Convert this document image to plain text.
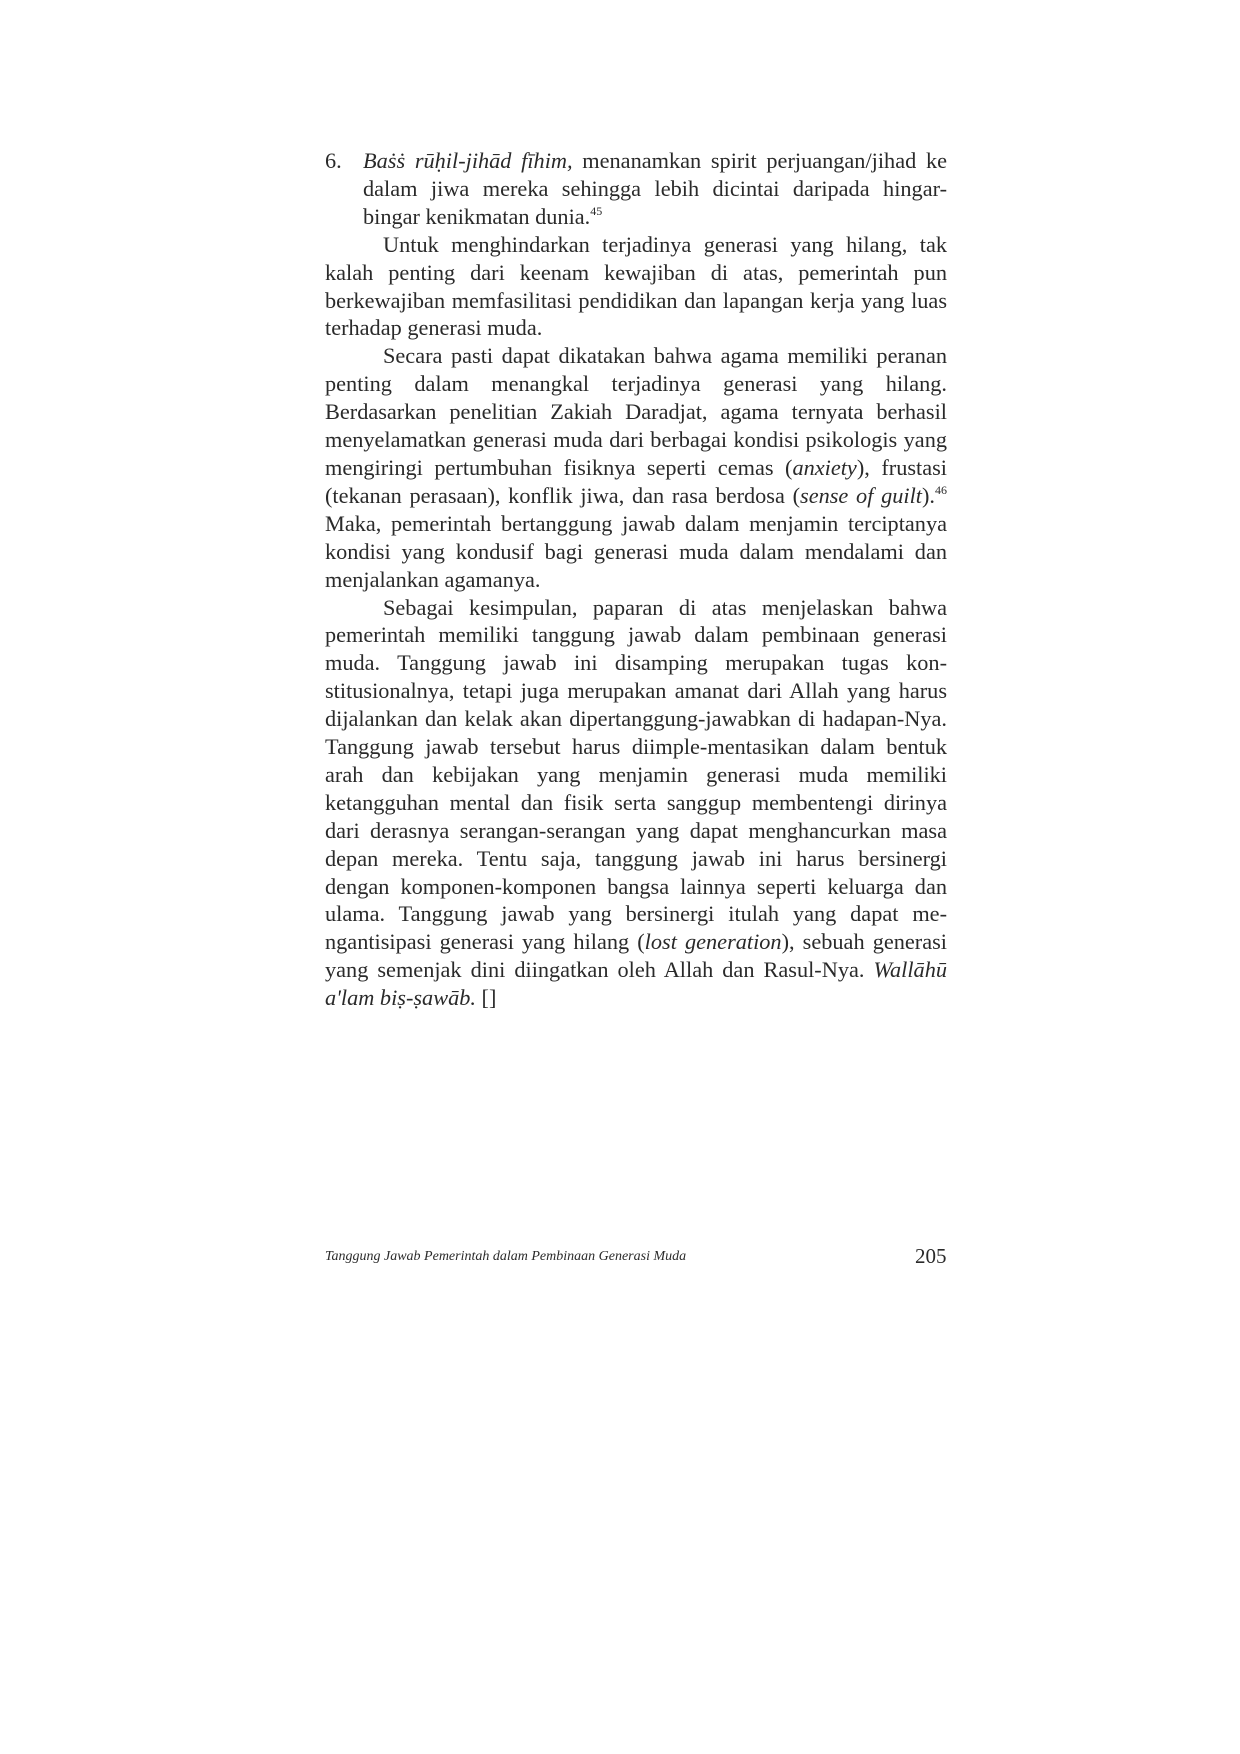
6. Baṡṡ rūḥil-jihād fīhim, menanamkan spirit perjuangan/jihad ke dalam jiwa mereka sehingga lebih dicintai daripada hingar-bingar kenikmatan dunia.$^{45}$

Untuk menghindarkan terjadinya generasi yang hilang, tak kalah penting dari keenam kewajiban di atas, pemerintah pun berkewajiban memfasilitasi pendidikan dan lapangan kerja yang luas terhadap generasi muda.

Secara pasti dapat dikatakan bahwa agama memiliki peranan penting dalam menangkal terjadinya generasi yang hilang. Berdasarkan penelitian Zakiah Daradjat, agama ternyata berhasil menyelamatkan generasi muda dari berbagai kondisi psikologis yang mengiringi pertumbuhan fisiknya seperti cemas (anxiety), frustasi (tekanan perasaan), konflik jiwa, dan rasa berdosa (sense of guilt).$^{46}$ Maka, pemerintah bertanggung jawab dalam menjamin terciptanya kondisi yang kondusif bagi generasi muda dalam mendalami dan menjalankan agamanya.

Sebagai kesimpulan, paparan di atas menjelaskan bahwa pemerintah memiliki tanggung jawab dalam pembinaan generasi muda. Tanggung jawab ini disamping merupakan tugas kon-stitusionalnya, tetapi juga merupakan amanat dari Allah yang harus dijalankan dan kelak akan dipertanggung-jawabkan di hadapan-Nya. Tanggung jawab tersebut harus diimple-mentasikan dalam bentuk arah dan kebijakan yang menjamin generasi muda memiliki ketangguhan mental dan fisik serta sanggup membentengi dirinya dari derasnya serangan-serangan yang dapat menghancurkan masa depan mereka. Tentu saja, tanggung jawab ini harus bersinergi dengan komponen-komponen bangsa lainnya seperti keluarga dan ulama. Tanggung jawab yang bersinergi itulah yang dapat me-ngantisipasi generasi yang hilang (lost generation), sebuah generasi yang semenjak dini diingatkan oleh Allah dan Rasul-Nya. Wallāhū a'lam biṣ-ṣawāb. []

Tanggung Jawab Pemerintah dalam Pembinaan Generasi Muda	205
